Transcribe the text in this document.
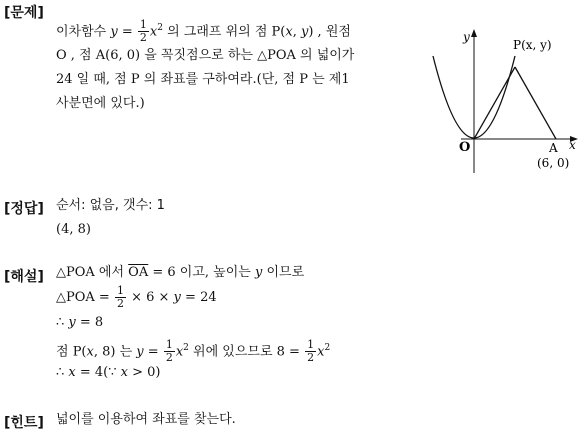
[문제]
이차함수 $y = \frac{1}{2} x^2$ 의 그래프 위의 점 P(x, y) , 원점
O , 점 A(6, 0) 을 꼭짓점으로 하는 △POA 의 넓이가
24 일 때, 점 P 의 좌표를 구하여라.(단, 점 P 는 제1
사분면에 있다.)
y
x
P(x, y)
O	A
(6, 0)
[정답] 순서: 없음, 갯수: 1
(4, 8)
[해설] △POA 에서 $\overline{OA} = 6$ 이고, 높이는 y 이므로
△POA = $\frac{1}{2} \times 6 \times y = 24$
∴ y = 8
점 P(x, 8) 는 $y = \frac{1}{2} x^2$ 위에 있으므로 $8 = \frac{1}{2} x^2$
∴ x = 4(∵ x > 0)
[힌트] 넓이를 이용하여 좌표를 찾는다.
